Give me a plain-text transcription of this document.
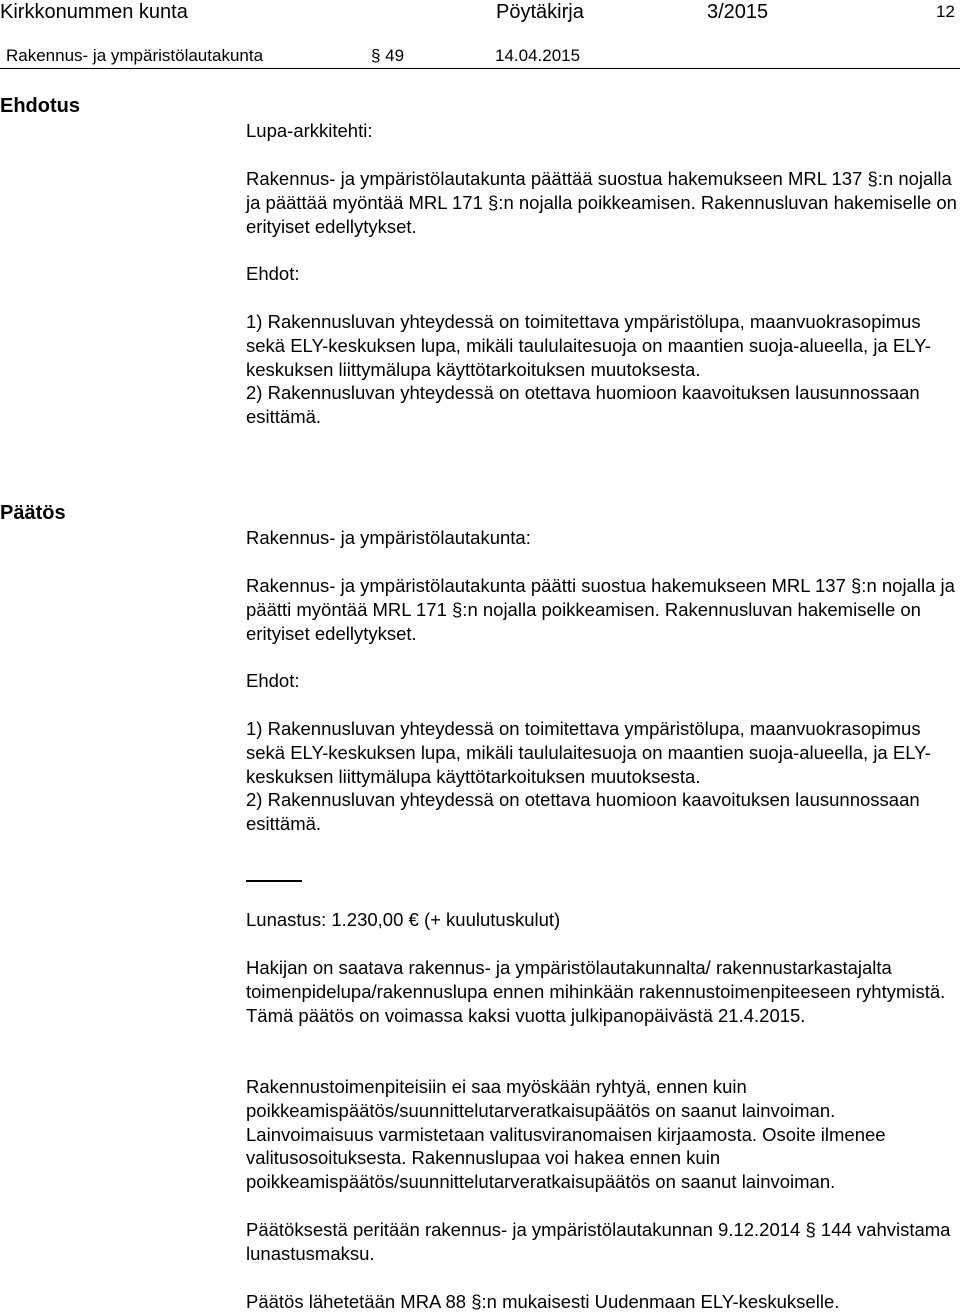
Kirkkonummen kunta	Pöytäkirja	3/2015	12
Rakennus- ja ympäristölautakunta	§ 49	14.04.2015
Ehdotus

Lupa-arkkitehti:

Rakennus- ja ympäristölautakunta päättää suostua hakemukseen MRL 137 §:n nojalla ja päättää myöntää MRL 171 §:n nojalla poikkeamisen. Rakennusluvan hakemiselle on erityiset edellytykset.

Ehdot:

1) Rakennusluvan yhteydessä on toimitettava ympäristölupa, maanvuokrasopimus sekä ELY-keskuksen lupa, mikäli taululaitesuoja on maantien suoja-alueella, ja ELY-keskuksen liittymälupa käyttötarkoituksen muutoksesta.

2) Rakennusluvan yhteydessä on otettava huomioon kaavoituksen lausunnossaan esittämä.

Päätös

Rakennus- ja ympäristölautakunta:

Rakennus- ja ympäristölautakunta päätti suostua hakemukseen MRL 137 §:n nojalla ja päätti myöntää MRL 171 §:n nojalla poikkeamisen. Rakennusluvan hakemiselle on erityiset edellytykset.

Ehdot:

1) Rakennusluvan yhteydessä on toimitettava ympäristölupa, maanvuokrasopimus sekä ELY-keskuksen lupa, mikäli taululaitesuoja on maantien suoja-alueella, ja ELY-keskuksen liittymälupa käyttötarkoituksen muutoksesta.

2) Rakennusluvan yhteydessä on otettava huomioon kaavoituksen lausunnossaan esittämä.

Lunastus: 1.230,00 € (+ kuulutuskulut)

Hakijan on saatava rakennus- ja ympäristölautakunnalta/ rakennustarkastajalta toimenpidelupa/rakennuslupa ennen mihinkään rakennustoimenpiteeseen ryhtymistä. Tämä päätös on voimassa kaksi vuotta julkipanopäivästä 21.4.2015.

Rakennustoimenpiteisiin ei saa myöskään ryhtyä, ennen kuin poikkeamispäätös/suunnittelutarveratkaisupäätös on saanut lainvoiman. Lainvoimaisuus varmistetaan valitusviranomaisen kirjaamosta. Osoite ilmenee valitusosoituksesta. Rakennuslupaa voi hakea ennen kuin poikkeamispäätös/suunnittelutarveratkaisupäätös on saanut lainvoiman.

Päätöksestä peritään rakennus- ja ympäristölautakunnan 9.12.2014 § 144 vahvistama lunastusmaksu.

Päätös lähetetään MRA 88 §:n mukaisesti Uudenmaan ELY-keskukselle.
